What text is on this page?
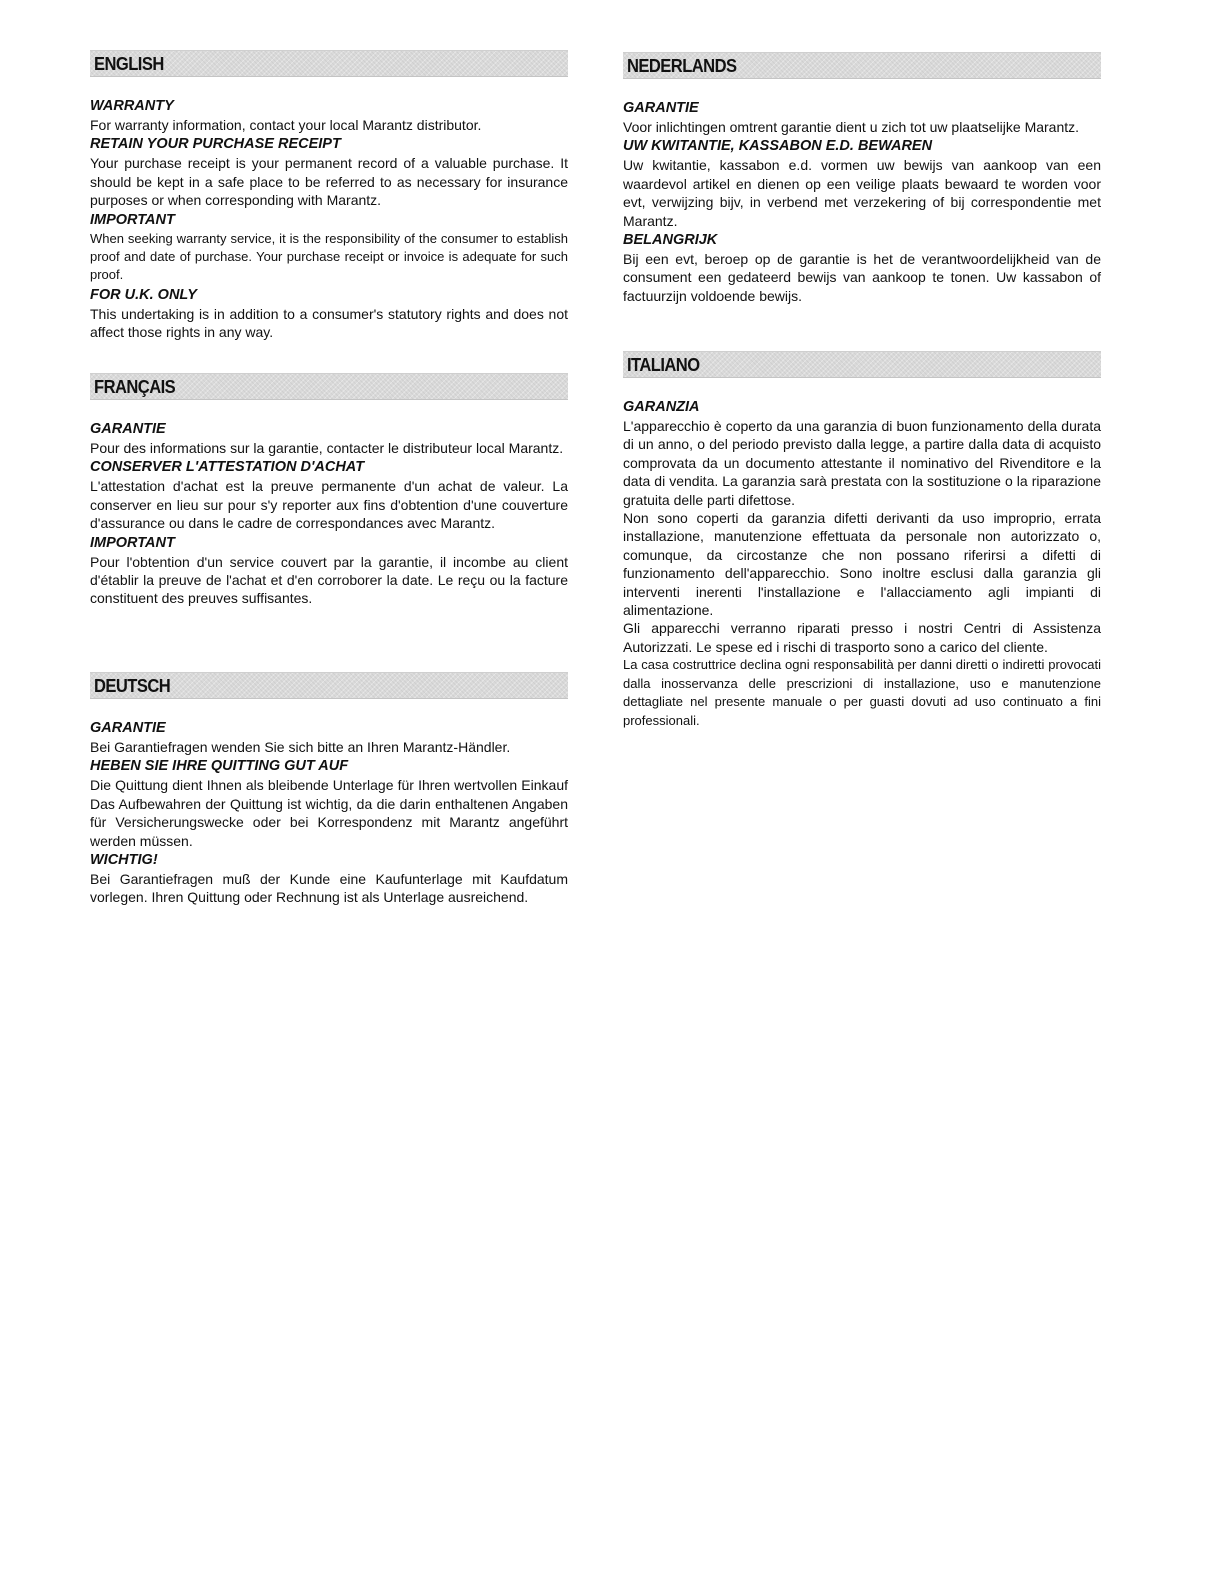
ENGLISH
WARRANTY

For warranty information, contact your local Marantz distributor.

RETAIN YOUR PURCHASE RECEIPT

Your purchase receipt is your permanent record of a valuable purchase. It should be kept in a safe place to be referred to as necessary for insurance purposes or when corresponding with Marantz.

IMPORTANT

When seeking warranty service, it is the responsibility of the consumer to establish proof and date of purchase. Your purchase receipt or invoice is adequate for such proof.

FOR U.K. ONLY

This undertaking is in addition to a consumer's statutory rights and does not affect those rights in any way.

FRANÇAIS
GARANTIE

Pour des informations sur la garantie, contacter le distributeur local Marantz.

CONSERVER L'ATTESTATION D'ACHAT

L'attestation d'achat est la preuve permanente d'un achat de valeur. La conserver en lieu sur pour s'y reporter aux fins d'obtention d'une couverture d'assurance ou dans le cadre de correspondances avec Marantz.

IMPORTANT

Pour l'obtention d'un service couvert par la garantie, il incombe au client d'établir la preuve de l'achat et d'en corroborer la date. Le reçu ou la facture constituent des preuves suffisantes.

DEUTSCH
GARANTIE

Bei Garantiefragen wenden Sie sich bitte an Ihren Marantz-Händler.

HEBEN SIE IHRE QUITTING GUT AUF

Die Quittung dient Ihnen als bleibende Unterlage für Ihren wertvollen Einkauf Das Aufbewahren der Quittung ist wichtig, da die darin enthaltenen Angaben für Versicherungswecke oder bei Korrespondenz mit Marantz angeführt werden müssen.

WICHTIG!

Bei Garantiefragen muß der Kunde eine Kaufunterlage mit Kaufdatum vorlegen. Ihren Quittung oder Rechnung ist als Unterlage ausreichend.

NEDERLANDS
GARANTIE

Voor inlichtingen omtrent garantie dient u zich tot uw plaatselijke Marantz.

UW KWITANTIE, KASSABON E.D. BEWAREN

Uw kwitantie, kassabon e.d. vormen uw bewijs van aankoop van een waardevol artikel en dienen op een veilige plaats bewaard te worden voor evt, verwijzing bijv, in verbend met verzekering of bij correspondentie met Marantz.

BELANGRIJK

Bij een evt, beroep op de garantie is het de verantwoordelijkheid van de consument een gedateerd bewijs van aankoop te tonen. Uw kassabon of factuurzijn voldoende bewijs.

ITALIANO
GARANZIA

L'apparecchio è coperto da una garanzia di buon funzionamento della durata di un anno, o del periodo previsto dalla legge, a partire dalla data di acquisto comprovata da un documento attestante il nominativo del Rivenditore e la data di vendita. La garanzia sarà prestata con la sostituzione o la riparazione gratuita delle parti difettose.

Non sono coperti da garanzia difetti derivanti da uso improprio, errata installazione, manutenzione effettuata da personale non autorizzato o, comunque, da circostanze che non possano riferirsi a difetti di funzionamento dell'apparecchio. Sono inoltre esclusi dalla garanzia gli interventi inerenti l'installazione e l'allacciamento agli impianti di alimentazione.

Gli apparecchi verranno riparati presso i nostri Centri di Assistenza Autorizzati. Le spese ed i rischi di trasporto sono a carico del cliente.

La casa costruttrice declina ogni responsabilità per danni diretti o indiretti provocati dalla inosservanza delle prescrizioni di installazione, uso e manutenzione dettagliate nel presente manuale o per guasti dovuti ad uso continuato a fini professionali.
